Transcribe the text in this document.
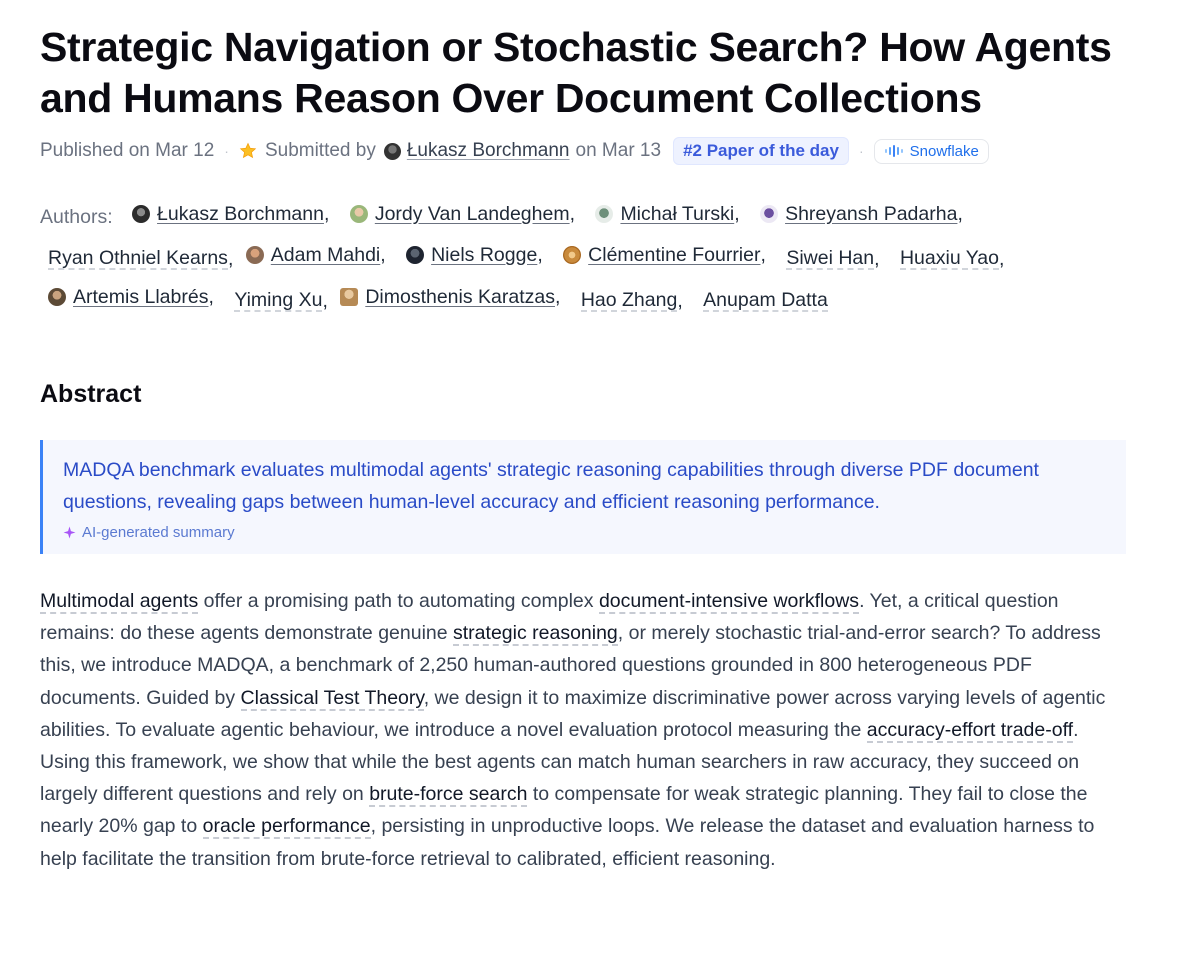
Strategic Navigation or Stochastic Search? How Agents and Humans Reason Over Document Collections
Published on Mar 12 · Submitted by Łukasz Borchmann on Mar 13	#2 Paper of the day	·	Snowflake
Authors: Łukasz Borchmann ,
Jordy Van Landeghem ,
Michał Turski ,
Shreyansh Padarha ,

Ryan Othniel Kearns ,
Adam Mahdi ,
Niels Rogge ,
Clémentine Fourrier ,
Siwei Han ,
Huaxiu Yao ,

Artemis Llabrés ,
Yiming Xu ,
Dimosthenis Karatzas ,
Hao Zhang ,
Anupam Datta
Abstract

MADQA benchmark evaluates multimodal agents' strategic reasoning capabilities through diverse PDF document questions, revealing gaps between human-level accuracy and efficient reasoning performance.

AI-generated summary

Multimodal agents offer a promising path to automating complex document-intensive workflows. Yet, a critical question remains: do these agents demonstrate genuine strategic reasoning, or merely stochastic trial-and-error search? To address this, we introduce MADQA, a benchmark of 2,250 human-authored questions grounded in 800 heterogeneous PDF documents. Guided by Classical Test Theory, we design it to maximize discriminative power across varying levels of agentic abilities. To evaluate agentic behaviour, we introduce a novel evaluation protocol measuring the accuracy-effort trade-off. Using this framework, we show that while the best agents can match human searchers in raw accuracy, they succeed on largely different questions and rely on brute-force search to compensate for weak strategic planning. They fail to close the nearly 20% gap to oracle performance, persisting in unproductive loops. We release the dataset and evaluation harness to help facilitate the transition from brute-force retrieval to calibrated, efficient reasoning.
